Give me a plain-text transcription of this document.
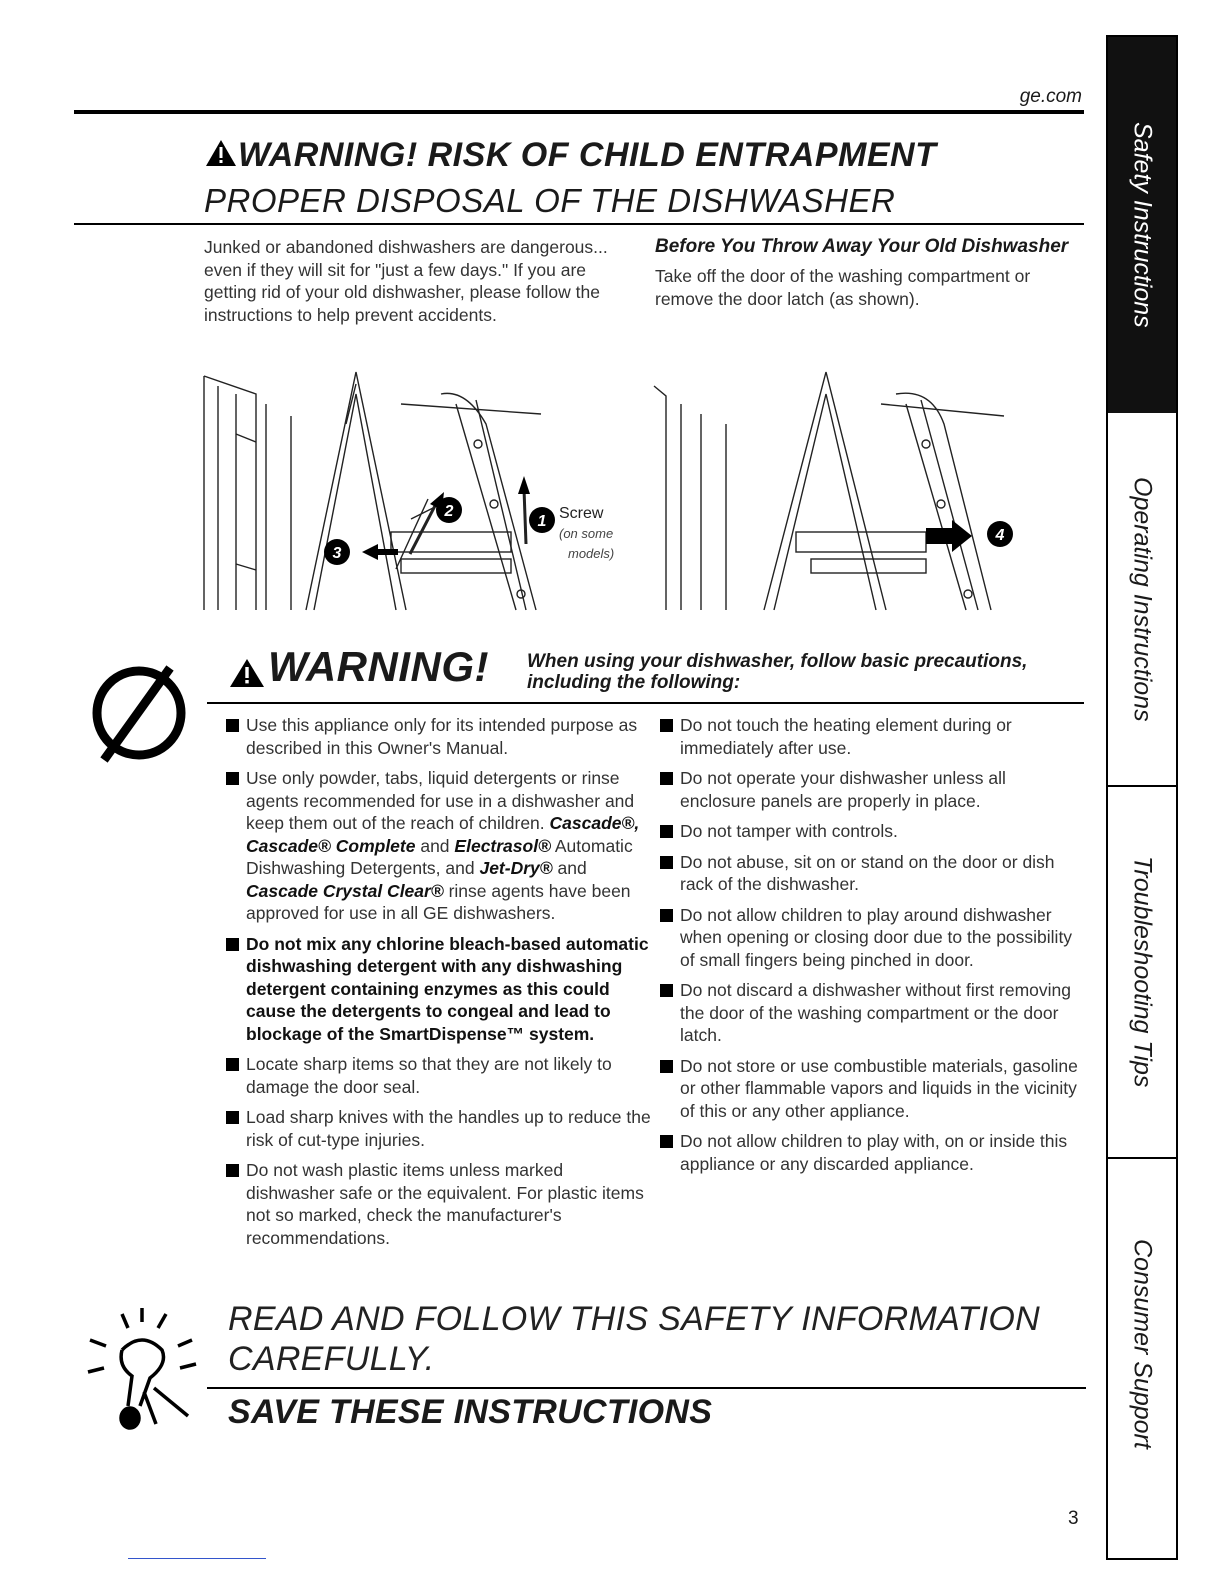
ge.com
WARNING! RISK OF CHILD ENTRAPMENT
PROPER DISPOSAL OF THE DISHWASHER
Junked or abandoned dishwashers are dangerous... even if they will sit for "just a few days." If you are getting rid of your old dishwasher, please follow the instructions to help prevent accidents.
Before You Throw Away Your Old Dishwasher
Take off the door of the washing compartment or remove the door latch (as shown).
1
2
3
4
Screw
(on some
models)
WARNING! When using your dishwasher, follow basic precautions, including the following:
Use this appliance only for its intended purpose as described in this Owner's Manual.
Use only powder, tabs, liquid detergents or rinse agents recommended for use in a dishwasher and keep them out of the reach of children. Cascade®, Cascade® Complete and Electrasol® Automatic Dishwashing Detergents, and Jet-Dry® and Cascade Crystal Clear® rinse agents have been approved for use in all GE dishwashers.
Do not mix any chlorine bleach-based automatic dishwashing detergent with any dishwashing detergent containing enzymes as this could cause the detergents to congeal and lead to blockage of the SmartDispense™ system.
Locate sharp items so that they are not likely to damage the door seal.
Load sharp knives with the handles up to reduce the risk of cut-type injuries.
Do not wash plastic items unless marked dishwasher safe or the equivalent. For plastic items not so marked, check the manufacturer's recommendations.
Do not touch the heating element during or immediately after use.
Do not operate your dishwasher unless all enclosure panels are properly in place.
Do not tamper with controls.
Do not abuse, sit on or stand on the door or dish rack of the dishwasher.
Do not allow children to play around dishwasher when opening or closing door due to the possibility of small fingers being pinched in door.
Do not discard a dishwasher without first removing the door of the washing compartment or the door latch.
Do not store or use combustible materials, gasoline or other flammable vapors and liquids in the vicinity of this or any other appliance.
Do not allow children to play with, on or inside this appliance or any discarded appliance.
READ AND FOLLOW THIS SAFETY INFORMATION
CAREFULLY.
SAVE THESE INSTRUCTIONS
3
Safety Instructions
Operating Instructions
Troubleshooting Tips
Consumer Support
